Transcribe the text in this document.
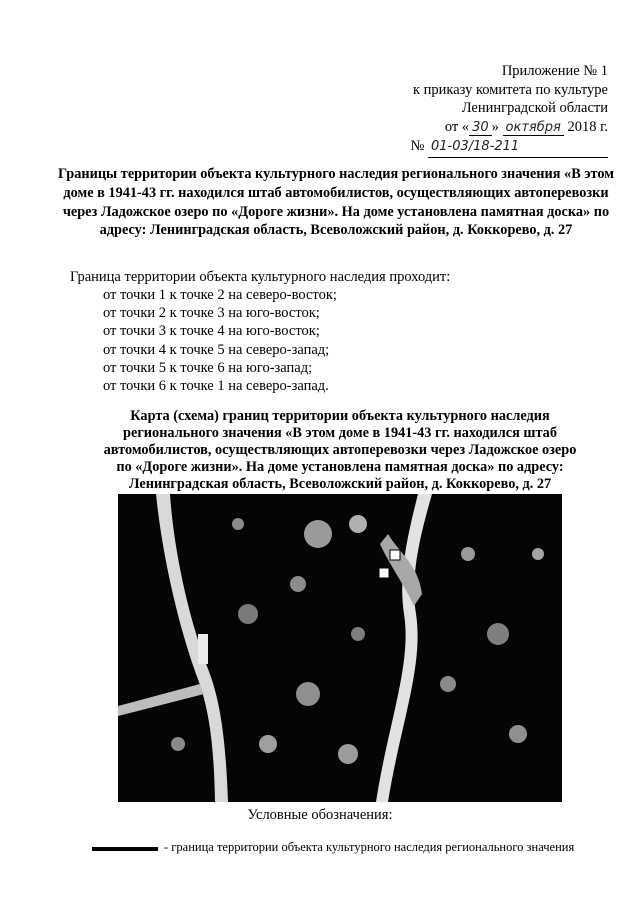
Приложение № 1
к приказу комитета по культуре
Ленинградской области
от « 30 » октября 2018 г.
№ 01-03/18-211
Границы территории объекта культурного наследия регионального значения «В этом доме в 1941-43 гг. находился штаб автомобилистов, осуществляющих автоперевозки через Ладожское озеро по «Дороге жизни». На доме установлена памятная доска» по адресу: Ленинградская область, Всеволожский район, д. Коккорево, д. 27
Граница территории объекта культурного наследия проходит:
от точки 1 к точке 2 на северо-восток;
от точки 2 к точке 3 на юго-восток;
от точки 3 к точке 4 на юго-восток;
от точки 4 к точке 5 на северо-запад;
от точки 5 к точке 6 на юго-запад;
от точки 6 к точке 1 на северо-запад.
Карта (схема) границ территории объекта культурного наследия регионального значения «В этом доме в 1941-43 гг. находился штаб автомобилистов, осуществляющих автоперевозки через Ладожское озеро по «Дороге жизни». На доме установлена памятная доска» по адресу: Ленинградская область, Всеволожский район, д. Коккорево, д. 27
Условные обозначения:
- граница территории объекта культурного наследия регионального значения
